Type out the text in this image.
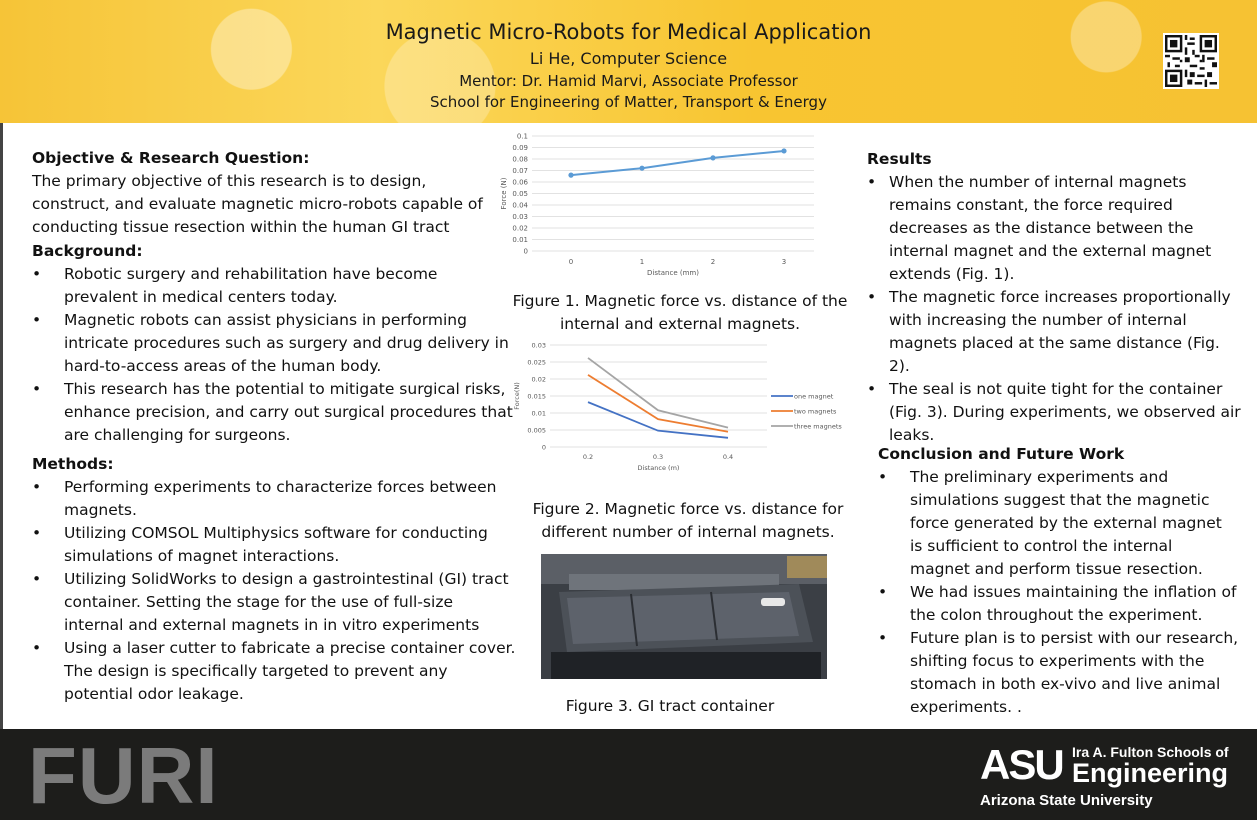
Magnetic Micro-Robots for Medical Application
Li He, Computer Science
Mentor: Dr. Hamid Marvi, Associate Professor
School for Engineering of Matter, Transport & Energy
Objective & Research Question:

The primary objective of this research is to design, construct, and evaluate magnetic micro-robots capable of conducting tissue resection within the human GI tract

Background:
• Robotic surgery and rehabilitation have become prevalent in medical centers today.
• Magnetic robots can assist physicians in performing intricate procedures such as surgery and drug delivery in hard-to-access areas of the human body.
• This research has the potential to mitigate surgical risks, enhance precision, and carry out surgical procedures that are challenging for surgeons.
Methods:
• Performing experiments to characterize forces between magnets.
• Utilizing COMSOL Multiphysics software for conducting simulations of magnet interactions.
• Utilizing SolidWorks to design a gastrointestinal (GI) tract container. Setting the stage for the use of full-size internal and external magnets in in vitro experiments
• Using a laser cutter to fabricate a precise container cover. The design is specifically targeted to prevent any potential odor leakage.
0
0.01
0.02
0.03
0.04
0.05
0.06
0.07
0.08
0.09
0.1
0	1	2	3
Distance (mm)
Force (N)
Figure 1. Magnetic force vs. distance of the internal and external magnets.
0
0.005
0.01
0.015
0.02
0.025
0.03
0.2	0.3	0.4
Distance (m)
Force(N)	one magnet
two magnets
three magnets
Figure 2. Magnetic force vs. distance for different number of internal magnets.
Figure 3. GI tract container
Results
• When the number of internal magnets remains constant, the force required decreases as the distance between the internal magnet and the external magnet extends (Fig. 1).
• The magnetic force increases proportionally with increasing the number of internal magnets placed at the same distance (Fig. 2).
• The seal is not quite tight for the container (Fig. 3). During experiments, we observed air leaks.
Conclusion and Future Work
• The preliminary experiments and simulations suggest that the magnetic force generated by the external magnet is sufficient to control the internal magnet and perform tissue resection.
• We had issues maintaining the inflation of the colon throughout the experiment.
• Future plan is to persist with our research, shifting focus to experiments with the stomach in both ex-vivo and live animal experiments. .
FURI	ASU Ira A. Fulton Schools of
Engineering
Arizona State University
